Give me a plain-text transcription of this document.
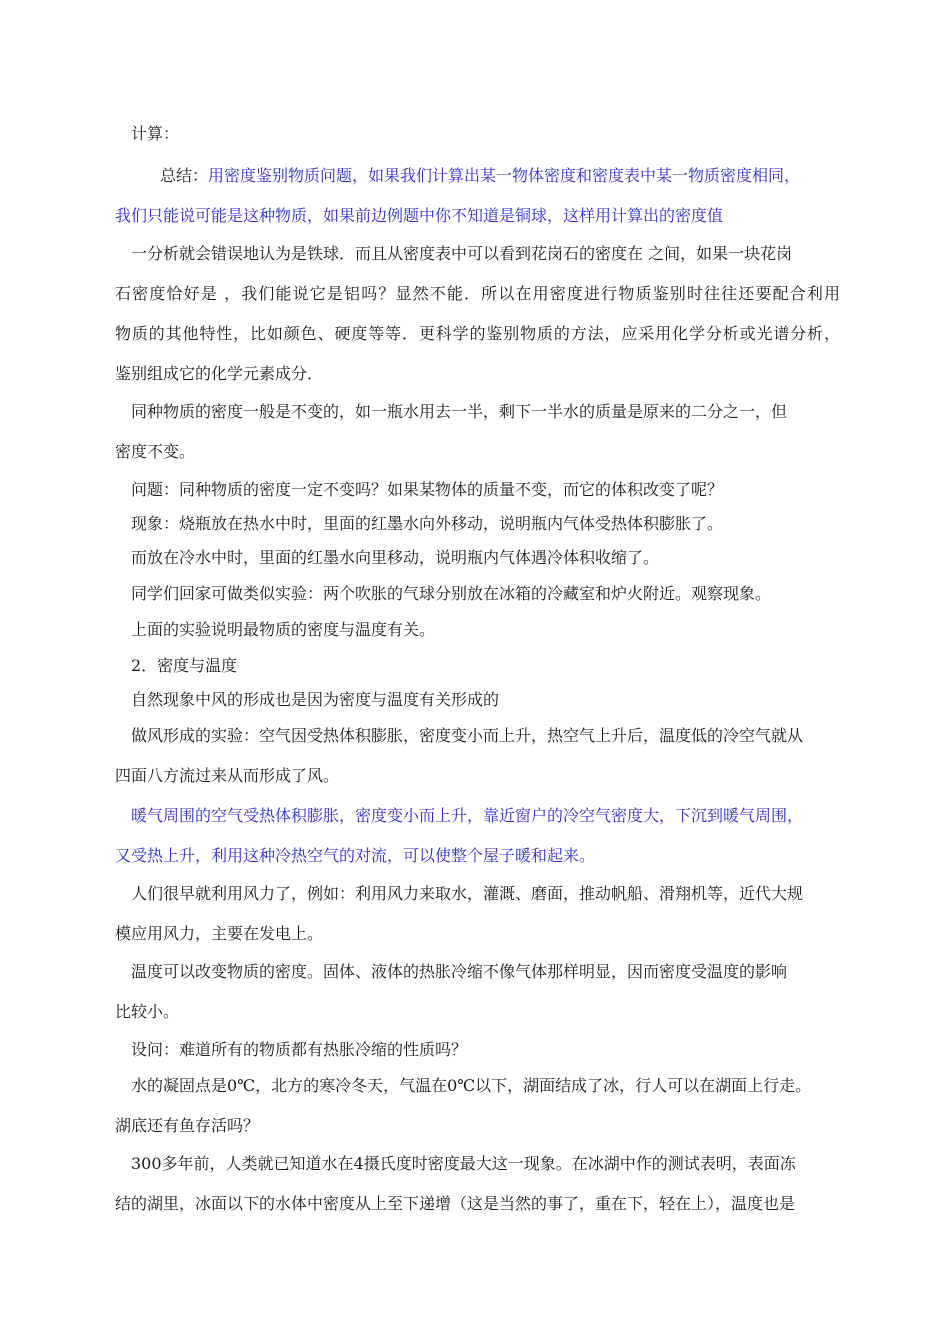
计算：
总结：用密度鉴别物质问题，如果我们计算出某一物体密度和密度表中某一物质密度相同，
我们只能说可能是这种物质，如果前边例题中你不知道是铜球，这样用计算出的密度值
一分析就会错误地认为是铁球．而且从密度表中可以看到花岗石的密度在 之间，如果一块花岗
石密度恰好是 ，我们能说它是铝吗？显然不能．所以在用密度进行物质鉴别时往往还要配合利用
物质的其他特性，比如颜色、硬度等等．更科学的鉴别物质的方法，应采用化学分析或光谱分析，
鉴别组成它的化学元素成分．
同种物质的密度一般是不变的，如一瓶水用去一半，剩下一半水的质量是原来的二分之一，但
密度不变。
问题：同种物质的密度一定不变吗？如果某物体的质量不变，而它的体积改变了呢？
现象：烧瓶放在热水中时，里面的红墨水向外移动，说明瓶内气体受热体积膨胀了。
而放在冷水中时，里面的红墨水向里移动，说明瓶内气体遇冷体积收缩了。
同学们回家可做类似实验：两个吹胀的气球分别放在冰箱的冷藏室和炉火附近。观察现象。
上面的实验说明最物质的密度与温度有关。
2．密度与温度
自然现象中风的形成也是因为密度与温度有关形成的
做风形成的实验：空气因受热体积膨胀，密度变小而上升，热空气上升后，温度低的冷空气就从
四面八方流过来从而形成了风。
暖气周围的空气受热体积膨胀，密度变小而上升，靠近窗户的冷空气密度大，下沉到暖气周围，
又受热上升，利用这种冷热空气的对流，可以使整个屋子暖和起来。
人们很早就利用风力了，例如：利用风力来取水，灌溉、磨面，推动帆船、滑翔机等，近代大规
模应用风力，主要在发电上。
温度可以改变物质的密度。固体、液体的热胀冷缩不像气体那样明显，因而密度受温度的影响
比较小。
设问：难道所有的物质都有热胀冷缩的性质吗？
水的凝固点是0℃，北方的寒冷冬天，气温在0℃以下，湖面结成了冰，行人可以在湖面上行走。
湖底还有鱼存活吗？
300多年前，人类就已知道水在4摄氏度时密度最大这一现象。在冰湖中作的测试表明，表面冻
结的湖里，冰面以下的水体中密度从上至下递增（这是当然的事了，重在下，轻在上），温度也是
